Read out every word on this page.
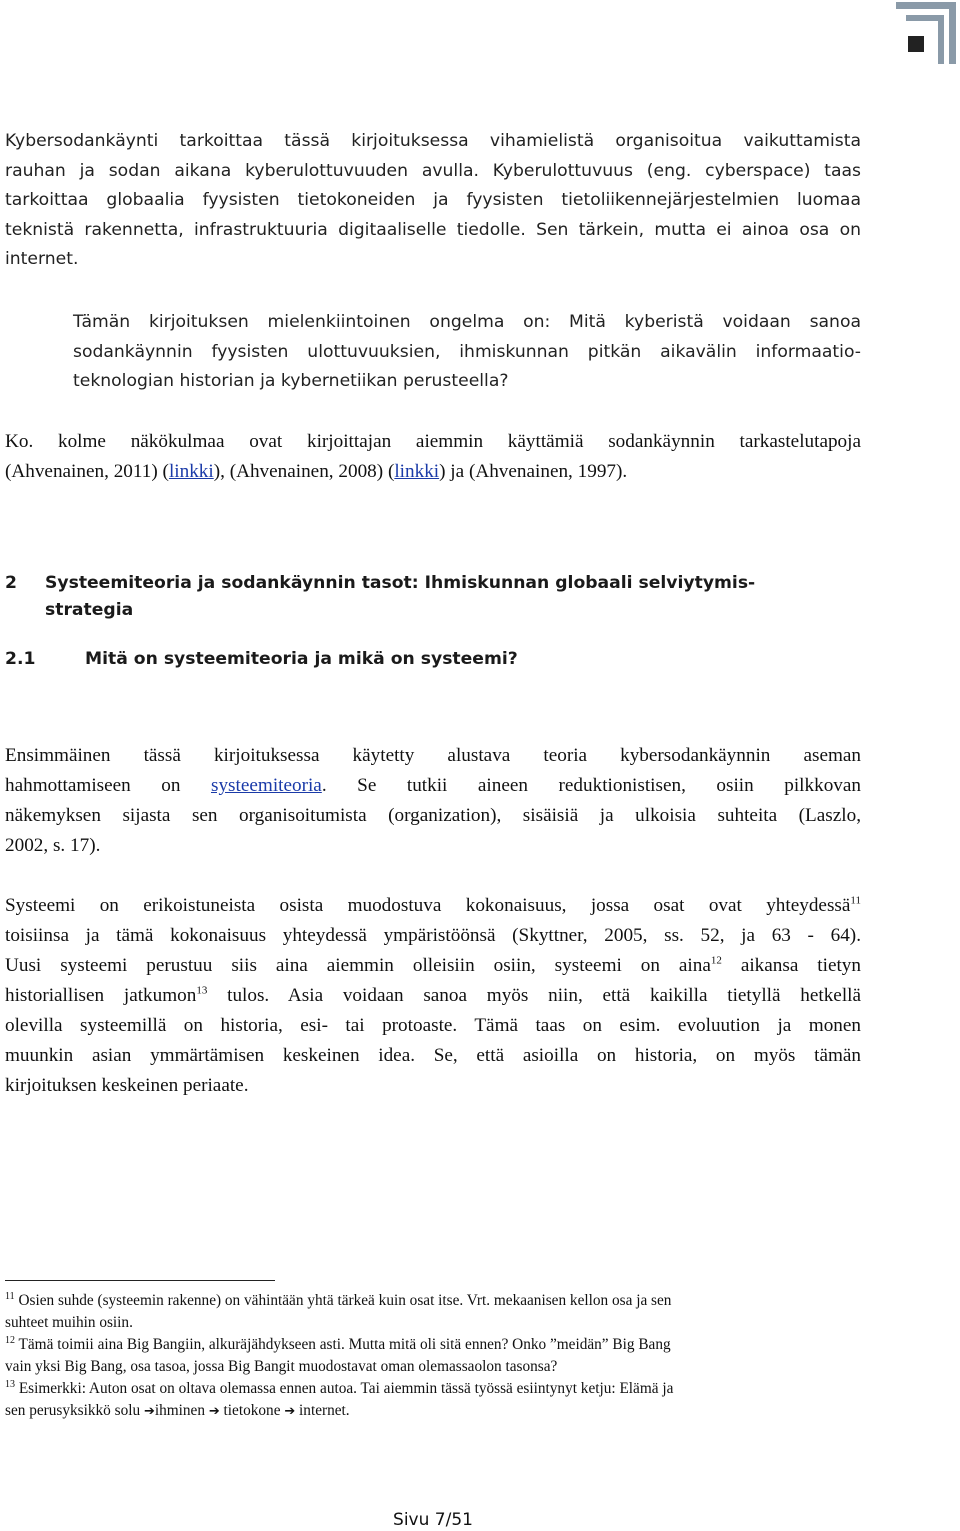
Kybersodankäynti tarkoittaa tässä kirjoituksessa vihamielistä organisoitua vaikuttamista
rauhan ja sodan aikana kyberulottuvuuden avulla. Kyberulottuvuus (eng. cyberspace) taas
tarkoittaa globaalia fyysisten tietokoneiden ja fyysisten tietoliikennejärjestelmien luomaa
teknistä rakennetta, infrastruktuuria digitaaliselle tiedolle. Sen tärkein, mutta ei ainoa osa on
internet.
Tämän kirjoituksen mielenkiintoinen ongelma on: Mitä kyberistä voidaan sanoa
sodankäynnin fyysisten ulottuvuuksien, ihmiskunnan pitkän aikavälin informaatio-
teknologian historian ja kybernetiikan perusteella?
Ko. kolme näkökulmaa ovat kirjoittajan aiemmin käyttämiä sodankäynnin tarkastelutapoja
(Ahvenainen, 2011) (linkki), (Ahvenainen, 2008) (linkki) ja (Ahvenainen, 1997).
2 Systeemiteoria ja sodankäynnin tasot: Ihmiskunnan globaali selviytymis-
strategia
2.1	Mitä on systeemiteoria ja mikä on systeemi?
Ensimmäinen tässä kirjoituksessa käytetty alustava teoria kybersodankäynnin aseman
hahmottamiseen on systeemiteoria. Se tutkii aineen reduktionistisen, osiin pilkkovan
näkemyksen sijasta sen organisoitumista (organization), sisäisiä ja ulkoisia suhteita (Laszlo,
2002, s. 17).
Systeemi on erikoistuneista osista muodostuva kokonaisuus, jossa osat ovat yhteydessä$^{11}$
toisiinsa ja tämä kokonaisuus yhteydessä ympäristöönsä (Skyttner, 2005, ss. 52, ja 63 - 64).
Uusi systeemi perustuu siis aina aiemmin olleisiin osiin, systeemi on aina$^{12}$ aikansa tietyn
historiallisen jatkumon$^{13}$ tulos. Asia voidaan sanoa myös niin, että kaikilla tietyllä hetkellä
olevilla systeemillä on historia, esi- tai protoaste. Tämä taas on esim. evoluution ja monen
muunkin asian ymmärtämisen keskeinen idea. Se, että asioilla on historia, on myös tämän
kirjoituksen keskeinen periaate.
$^{11}$ Osien suhde (systeemin rakenne) on vähintään yhtä tärkeä kuin osat itse. Vrt. mekaanisen kellon osa ja sen
suhteet muihin osiin.
$^{12}$ Tämä toimii aina Big Bangiin, alkuräjähdykseen asti. Mutta mitä oli sitä ennen? Onko ”meidän” Big Bang
vain yksi Big Bang, osa tasoa, jossa Big Bangit muodostavat oman olemassaolon tasonsa?
$^{13}$ Esimerkki: Auton osat on oltava olemassa ennen autoa. Tai aiemmin tässä työssä esiintynyt ketju: Elämä ja
sen perusyksikkö solu ➔ihminen ➔ tietokone ➔ internet.
Sivu 7/51
